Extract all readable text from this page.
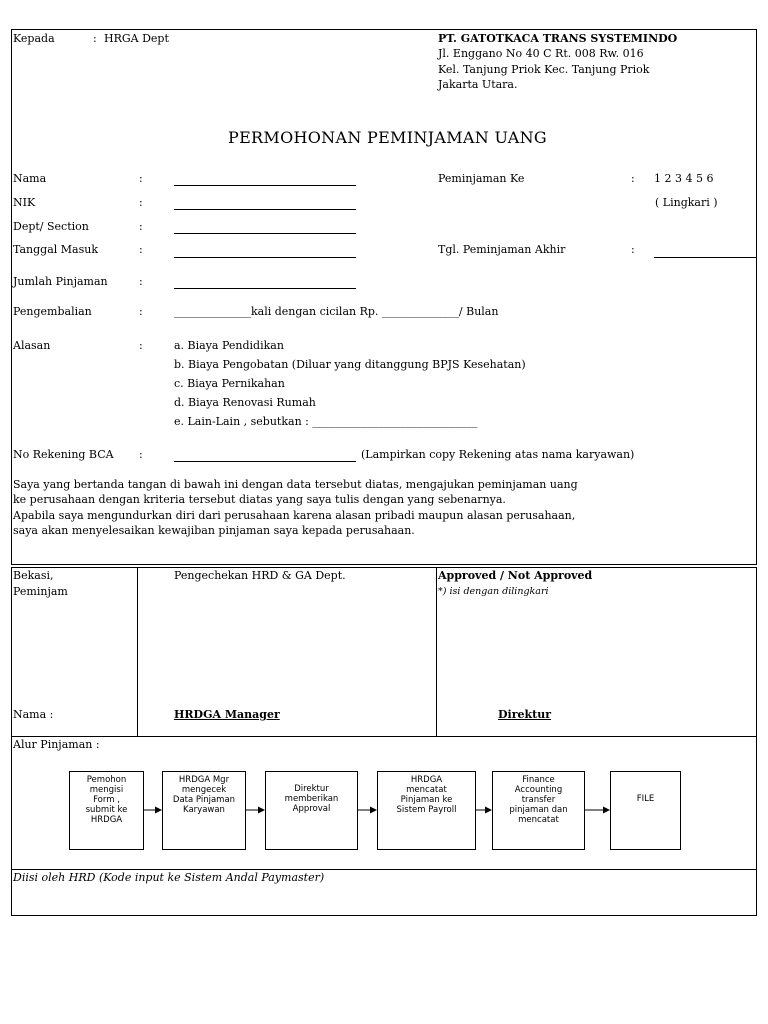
Kepada	: HRGA Dept	PT. GATOTKACA TRANS SYSTEMINDO
Jl. Enggano No 40 C Rt. 008 Rw. 016
Kel. Tanjung Priok Kec. Tanjung Priok
Jakarta Utara.
PERMOHONAN PEMINJAMAN UANG
Nama	:
NIK	:
Dept/ Section	:
Tanggal Masuk	:
Jumlah Pinjaman	:
Pengembalian	:	______________kali dengan cicilan Rp. ______________/ Bulan
Alasan	:	a. Biaya Pendidikan
b. Biaya Pengobatan (Diluar yang ditanggung BPJS Kesehatan)
c. Biaya Pernikahan
d. Biaya Renovasi Rumah
e. Lain-Lain , sebutkan : ______________________________
No Rekening BCA :	(Lampirkan copy Rekening atas nama karyawan)
Peminjaman Ke	: 1 2 3 4 5 6
( Lingkari )
Tgl. Peminjaman Akhir	:
Saya yang bertanda tangan di bawah ini dengan data tersebut diatas, mengajukan peminjaman uang
ke perusahaan dengan kriteria tersebut diatas yang saya tulis dengan yang sebenarnya.
Apabila saya mengundurkan diri dari perusahaan karena alasan pribadi maupun alasan perusahaan,
saya akan menyelesaikan kewajiban pinjaman saya kepada perusahaan.
Bekasi,
Peminjam
Pengechekan HRD & GA Dept.	Approved / Not Approved
*) isi dengan dilingkari
Nama :	HRDGA Manager	Direktur
Alur Pinjaman :
Pemohon
mengisi
Form ,
submit ke
HRDGA
HRDGA Mgr
mengecek
Data Pinjaman
Karyawan
Direktur
memberikan
Approval
HRDGA
mencatat
Pinjaman ke
Sistem Payroll
Finance
Accounting
transfer
pinjaman dan
mencatat
FILE
Diisi oleh HRD (Kode input ke Sistem Andal Paymaster)
